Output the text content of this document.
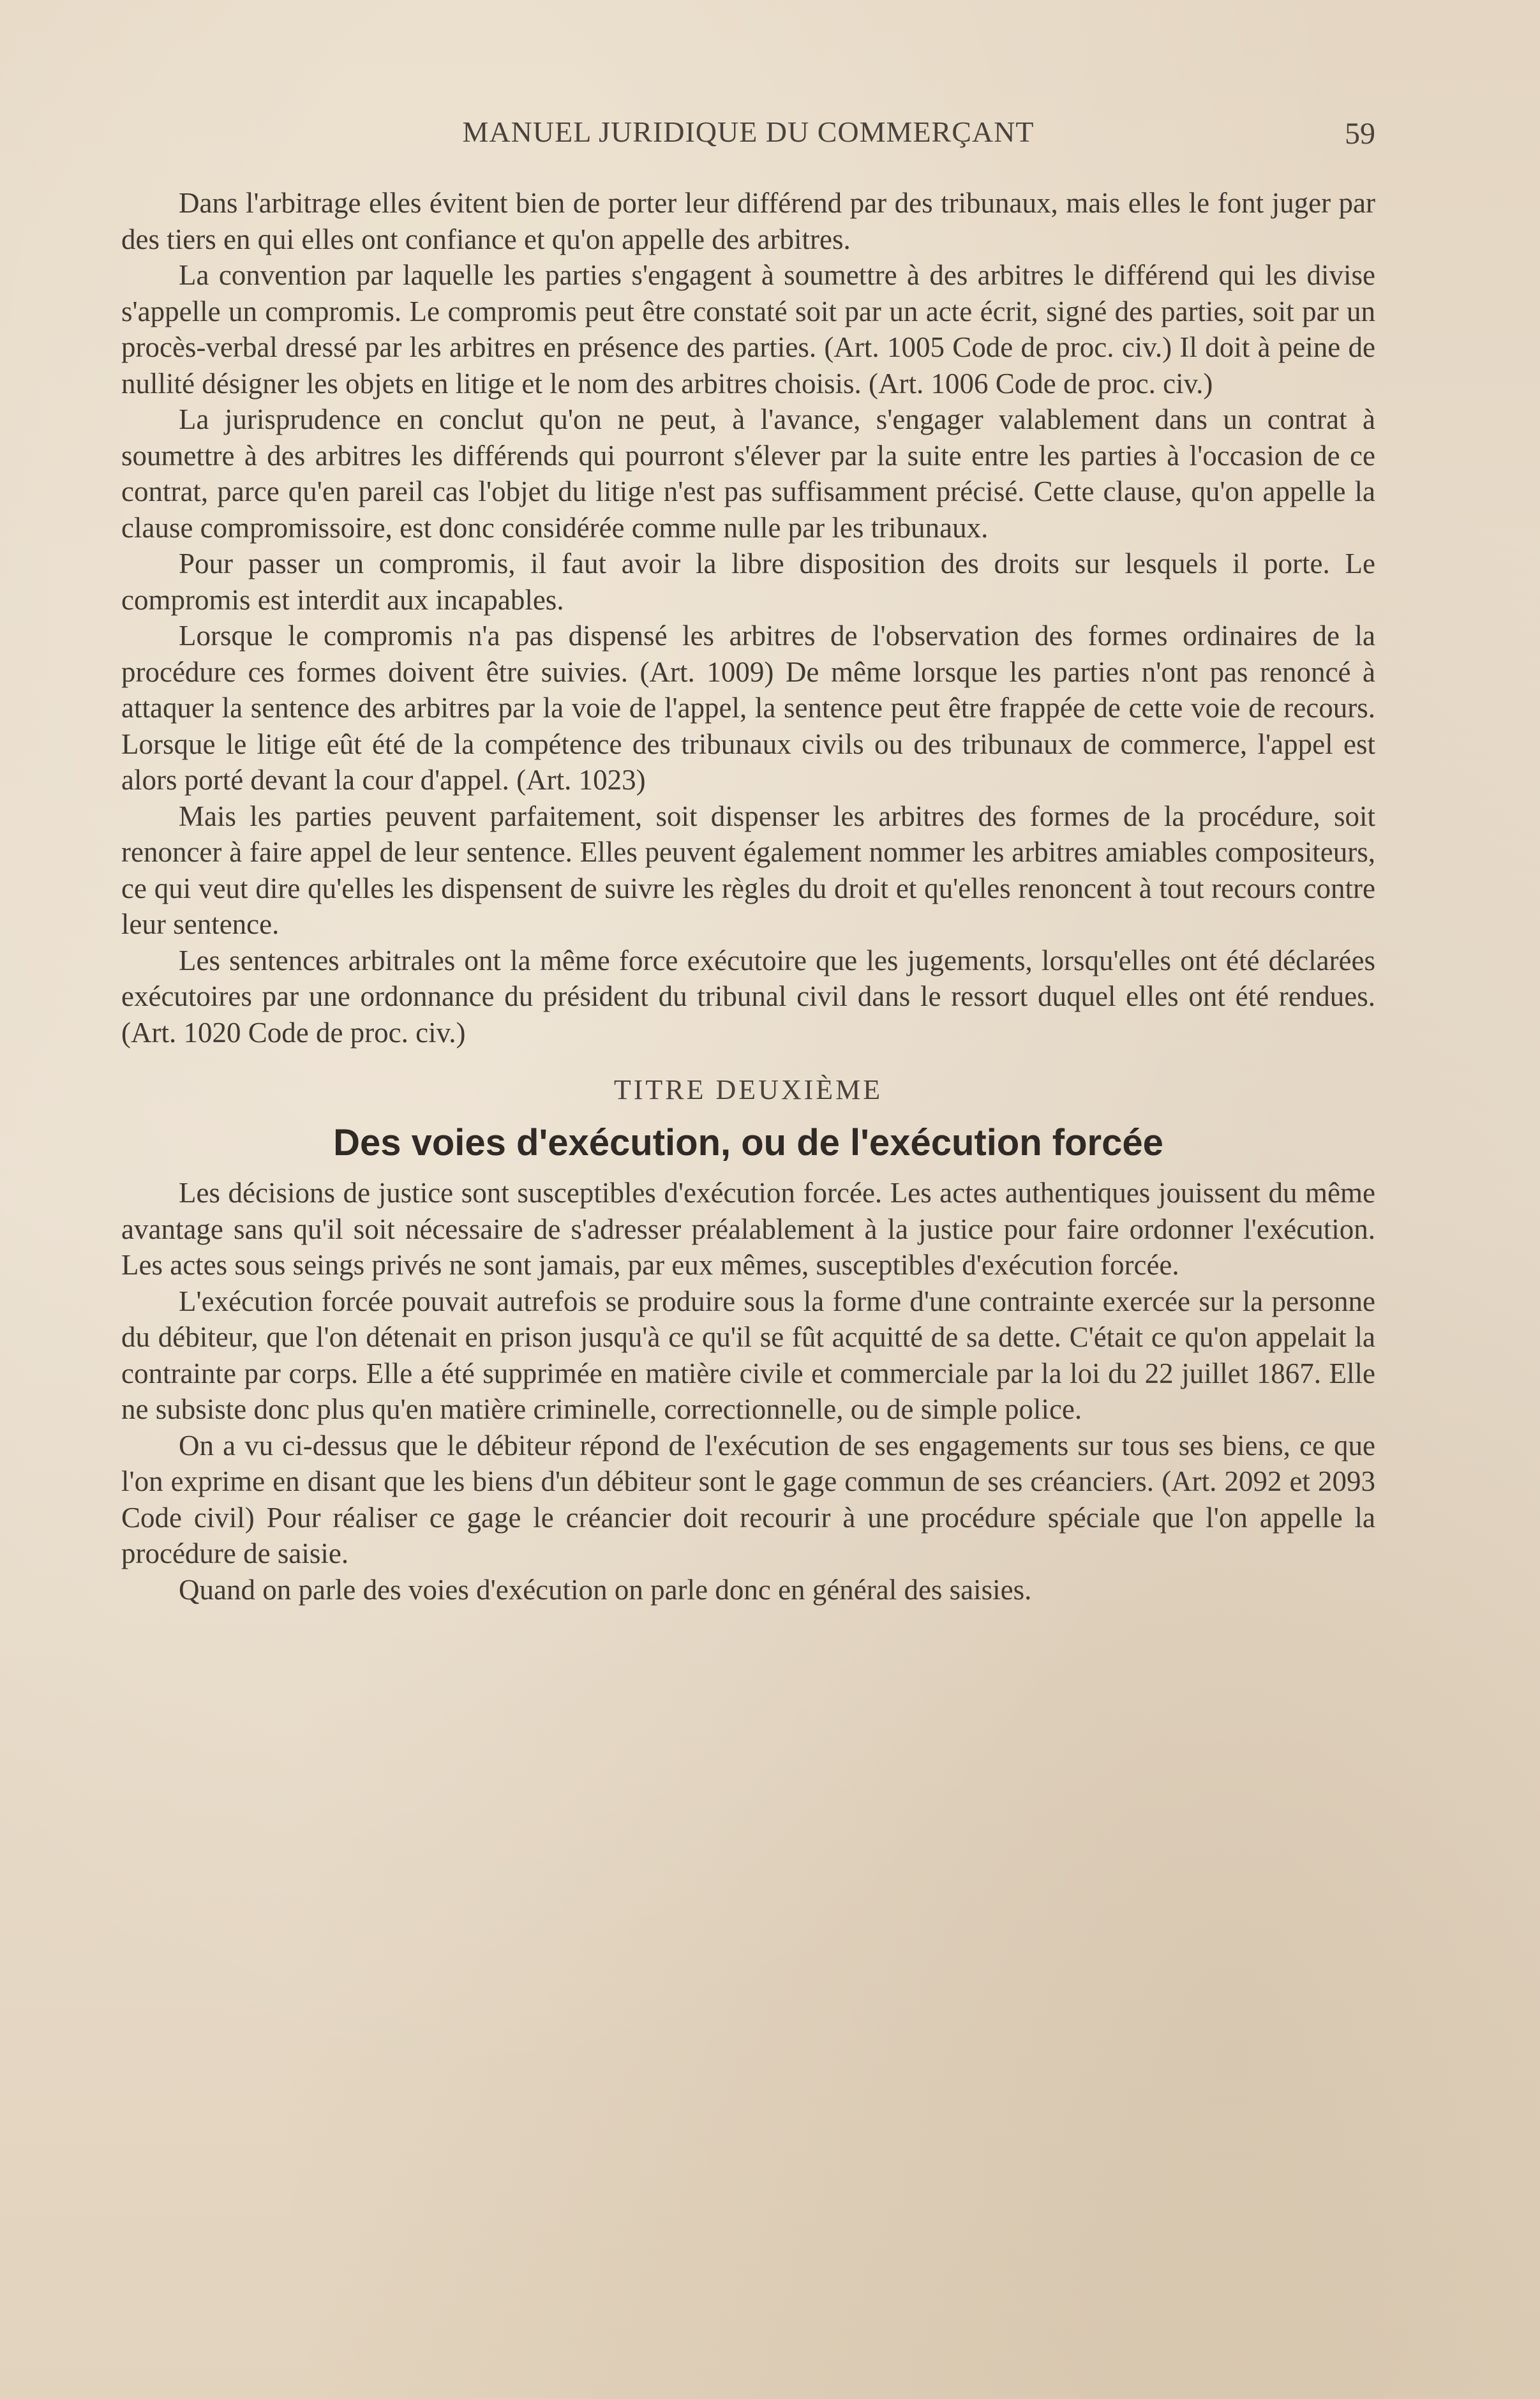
MANUEL JURIDIQUE DU COMMERÇANT	59

Dans l'arbitrage elles évitent bien de porter leur différend par des tribunaux, mais elles le font juger par des tiers en qui elles ont confiance et qu'on appelle des arbitres.

La convention par laquelle les parties s'engagent à soumettre à des arbitres le différend qui les divise s'appelle un compromis. Le compromis peut être constaté soit par un acte écrit, signé des parties, soit par un procès-verbal dressé par les arbitres en présence des parties. (Art. 1005 Code de proc. civ.) Il doit à peine de nullité désigner les objets en litige et le nom des arbitres choisis. (Art. 1006 Code de proc. civ.)

La jurisprudence en conclut qu'on ne peut, à l'avance, s'engager valablement dans un contrat à soumettre à des arbitres les différends qui pourront s'élever par la suite entre les parties à l'occasion de ce contrat, parce qu'en pareil cas l'objet du litige n'est pas suffisamment précisé. Cette clause, qu'on appelle la clause compromissoire, est donc considérée comme nulle par les tribunaux.

Pour passer un compromis, il faut avoir la libre disposition des droits sur lesquels il porte. Le compromis est interdit aux incapables.

Lorsque le compromis n'a pas dispensé les arbitres de l'observation des formes ordinaires de la procédure ces formes doivent être suivies. (Art. 1009) De même lorsque les parties n'ont pas renoncé à attaquer la sentence des arbitres par la voie de l'appel, la sentence peut être frappée de cette voie de recours. Lorsque le litige eût été de la compétence des tribunaux civils ou des tribunaux de commerce, l'appel est alors porté devant la cour d'appel. (Art. 1023)

Mais les parties peuvent parfaitement, soit dispenser les arbitres des formes de la procédure, soit renoncer à faire appel de leur sentence. Elles peuvent également nommer les arbitres amiables compositeurs, ce qui veut dire qu'elles les dispensent de suivre les règles du droit et qu'elles renoncent à tout recours contre leur sentence.

Les sentences arbitrales ont la même force exécutoire que les jugements, lorsqu'elles ont été déclarées exécutoires par une ordonnance du président du tribunal civil dans le ressort duquel elles ont été rendues. (Art. 1020 Code de proc. civ.)

TITRE DEUXIÈME
Des voies d'exécution, ou de l'exécution forcée

Les décisions de justice sont susceptibles d'exécution forcée. Les actes authentiques jouissent du même avantage sans qu'il soit nécessaire de s'adresser préalablement à la justice pour faire ordonner l'exécution. Les actes sous seings privés ne sont jamais, par eux mêmes, susceptibles d'exécution forcée.

L'exécution forcée pouvait autrefois se produire sous la forme d'une contrainte exercée sur la personne du débiteur, que l'on détenait en prison jusqu'à ce qu'il se fût acquitté de sa dette. C'était ce qu'on appelait la contrainte par corps. Elle a été supprimée en matière civile et commerciale par la loi du 22 juillet 1867. Elle ne subsiste donc plus qu'en matière criminelle, correctionnelle, ou de simple police.

On a vu ci-dessus que le débiteur répond de l'exécution de ses engagements sur tous ses biens, ce que l'on exprime en disant que les biens d'un débiteur sont le gage commun de ses créanciers. (Art. 2092 et 2093 Code civil) Pour réaliser ce gage le créancier doit recourir à une procédure spéciale que l'on appelle la procédure de saisie.

Quand on parle des voies d'exécution on parle donc en général des saisies.
